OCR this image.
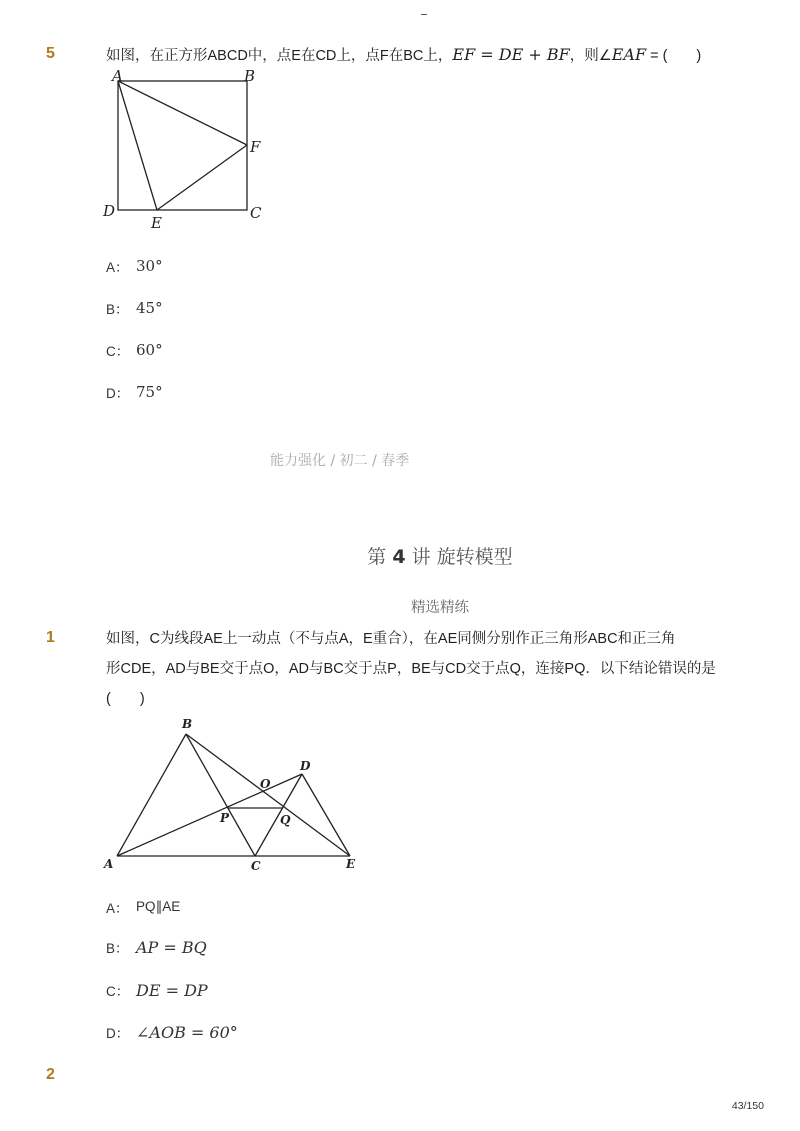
5	如图，在正方形ABCD中，点E在CD上，点F在BC上，EF = DE + BF，则∠EAF = (　　)
A	B
F
C
D
E
A： 30°
B： 45°
C： 60°
D： 75°
能力强化 / 初二 / 春季
第 4 讲 旋转模型
精选精练
1	如图，C为线段AE上一动点（不与点A，E重合），在AE同侧分别作正三角形ABC和正三角
形CDE，AD与BE交于点O，AD与BC交于点P，BE与CD交于点Q，连接PQ．以下结论错误的是
(　　)
B
D
O
P	Q
A	C	E
A： PQ∥AE
B： AP = BQ
C： DE = DP
D： ∠AOB = 60°
2
43/150
